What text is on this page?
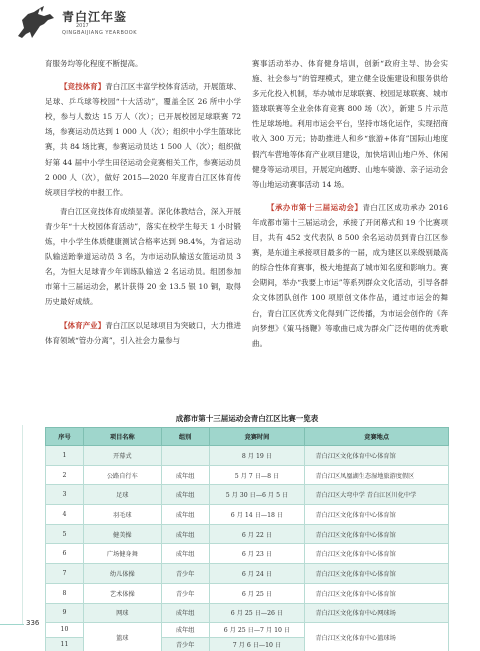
青白江年鉴
2017
QINGBAIJIANG YEARBOOK

育服务均等化程度不断提高。

【竞技体育】青白江区丰富学校体育活动，开展篮球、足球、乒乓球等校园“十大活动”，覆盖全区 26 所中小学校，参与人数达 15 万人（次）；已开展校园足球联赛 72 场，参赛运动员达到 1 000 人（次）；组织中小学生篮球比赛，共 84 场比赛，参赛运动员达 1 500 人（次）；组织做好第 44 届中小学生田径运动会竞赛相关工作，参赛运动员 2 000 人（次），做好 2015—2020 年度青白江区体育传统项目学校的申报工作。

青白江区竞技体育成绩显著。深化体教结合，深入开展青少年“十大校园体育活动”，落实在校学生每天 1 小时锻炼，中小学生体质健康测试合格率达到 98.4%，为省运动队输送跆拳道运动员 3 名，为市运动队输送女篮运动员 3 名，为恒大足球青少年训练队输送 2 名运动员。组团参加市第十三届运动会，累计获得 20 金 13.5 银 10 铜，取得历史最好成绩。

【体育产业】青白江区以足球项目为突破口，大力推进体育领域“管办分离”，引入社会力量参与

赛事活动举办、体育健身培训，创新“政府主导、协会实施、社会参与”的管理模式，建立健全设施建设和服务供给多元化投入机制，举办城市足球联赛、校园足球联赛、城市篮球联赛等全业余体育竞赛 800 场（次），新建 5 片示范性足球场地。利用市运会平台，坚持市场化运作，实现招商收入 300 万元；协助推进人和乡“旅游+体育”国际山地度假汽车营地等体育产业项目建设，加快培训山地户外、休闲健身等运动项目，开展定向越野、山地车骑游、亲子运动会等山地运动赛事活动 14 场。

【承办市第十三届运动会】青白江区成功承办 2016 年成都市第十三届运动会，承接了开闭幕式和 19 个比赛项目，共有 452 支代表队 8 500 余名运动员到青白江区参赛，是东道主承接项目最多的一届，成为建区以来级别最高的综合性体育赛事，极大地提高了城市知名度和影响力。赛会期间，举办“我要上市运”等系列群众文化活动，引导各群众文体团队创作 100 项原创文体作品，通过市运会的舞台，青白江区优秀文化得到广泛传播，为市运会创作的《奔向梦想》《策马扬鞭》等歌曲已成为群众广泛传唱的优秀歌曲。

成都市第十三届运动会青白江区比赛一览表
序号	项目名称	组别	竞赛时间	竞赛地点
1	开幕式		8 月 19 日	青白江区文化体育中心体育馆
2	公路自行车	成年组	5 月 7 日—8 日	青白江区凤凰湖生态湿地旅游度假区
3	足球	成年组	5 月 30 日—6 月 5 日	青白江区大弯中学 青白江区川化中学
4	羽毛球	成年组	6 月 14 日—18 日	青白江区文化体育中心体育馆
5	健美操	成年组	6 月 22 日	青白江区文化体育中心体育馆
6	广场健身舞	成年组	6 月 23 日	青白江区文化体育中心体育馆
7	幼儿体操	青少年	6 月 24 日	青白江区文化体育中心体育馆
8	艺术体操	青少年	6 月 25 日	青白江区文化体育中心体育馆
9	网球	成年组	6 月 25 日—26 日	青白江区文化体育中心网球场
10	篮球	成年组	6 月 25 日—7 月 10 日	青白江区文化体育中心篮球场
11		青少年	7 月 6 日—10 日	
336
